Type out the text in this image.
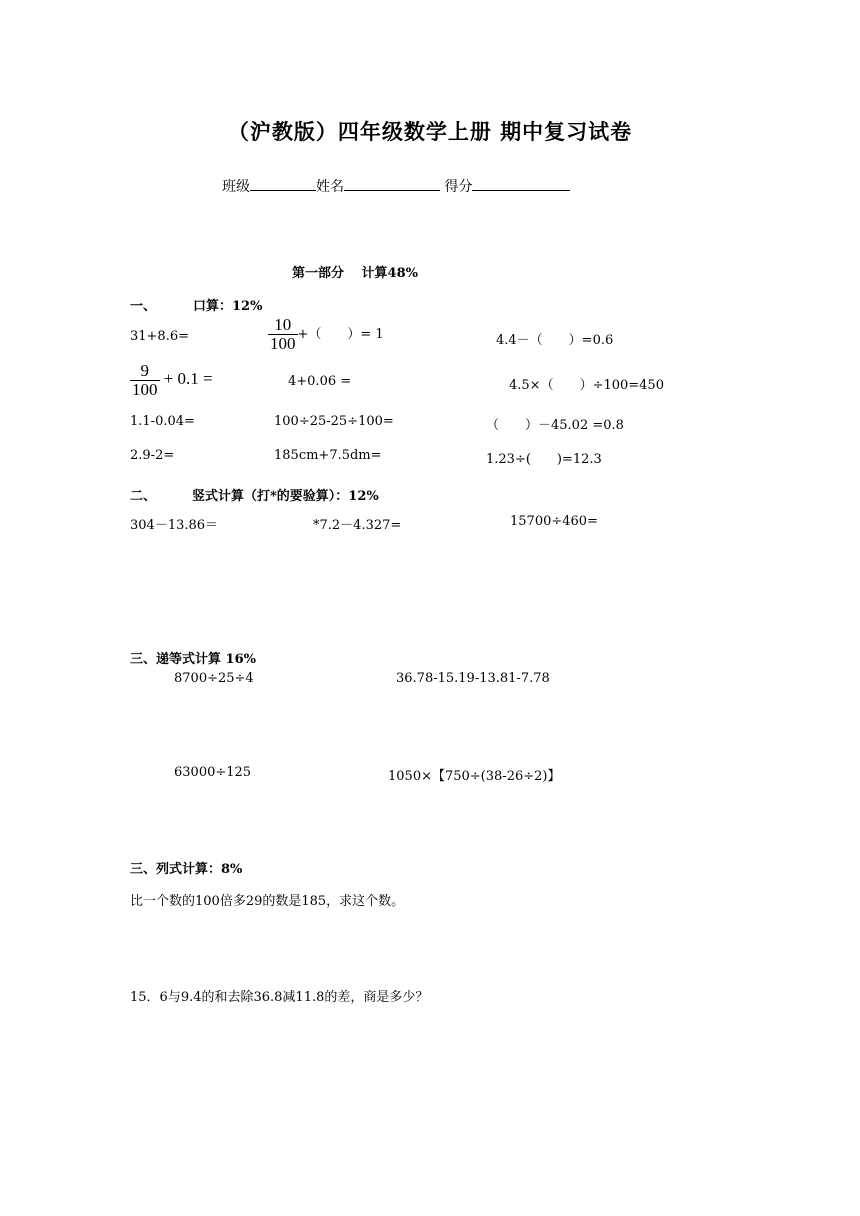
（沪教版）四年级数学上册 期中复习试卷
班级	姓名	得分
第一部分　 计算48%
一、	口算：12%
31+8.6=	$\frac{10}{100}$ +（　　）= 1	4.4－（　　）=0.6
$\frac{9}{100} + 0.1$ =	4+0.06 =	4.5×（　　）÷100=450
1.1-0.04=	100÷25-25÷100=	（　　）－45.02 =0.8
2.9-2=	185cm+7.5dm=	1.23÷(　　)=12.3
二、	竖式计算（打*的要验算）：12%
304－13.86＝	*7.2－4.327=	15700÷460=
三、递等式计算 16%
8700÷25÷4	36.78-15.19-13.81-7.78
63000÷125	1050×【750÷(38-26÷2)】
三、列式计算：8%
比一个数的100倍多29的数是185，求这个数。
15．6与9.4的和去除36.8减11.8的差，商是多少？
